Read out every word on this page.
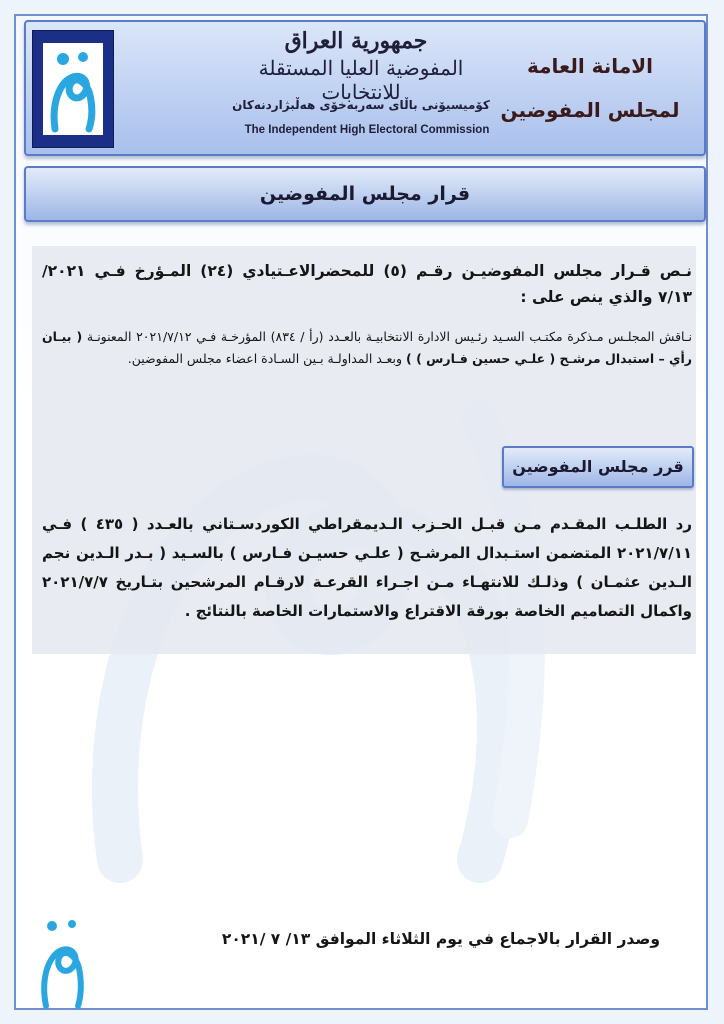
جمهورية العراق
المفوضية العليا المستقلة للانتخابات
كۆمیسیۆنی باڵای سەربەخۆی هەڵبژاردنەكان
The Independent High Electoral Commission
الامانة العامة
لمجلس المفوضين
قرار مجلس المفوضين
نـص قـرار مجلس المفوضيـن رقـم (٥) للمحضرالاعـتيادي (٢٤) المـؤرخ فـي ٢٠٢١/ ٧/١٣ والذي ينص على :
نـاقش المجلـس مـذكرة مكتـب السـيد رئـيس الادارة الانتخابيـة بالعـدد (رأ / ٨٣٤) المؤرخـة فـي ٢٠٢١/٧/١٢ المعنونـة ( بيـان رأي – استبدال مرشـح ( علـي حسين فـارس ) ) وبعـد المداولـة بـين السـادة اعضاء مجلس المفوضين.
قرر مجلس المفوضين
رد الطلـب المقـدم مـن قبـل الحـزب الـديمقراطي الكوردسـتاني بالعـدد ( ٤٣٥ ) فـي ٢٠٢١/٧/١١ المتضمن استـبدال المرشـح ( علـي حسيـن فـارس ) بالسـيد ( بـدر الـدين نجم الـدين عثمـان ) وذلـك للانتهـاء مـن اجـراء القرعـة لارقـام المرشحين بتـاريخ ٢٠٢١/٧/٧ واكمال التصاميم الخاصة بورقة الاقتراع والاستمارات الخاصة بالنتائج .
وصدر القرار بالاجماع في يوم الثلاثاء الموافق ١٣/ ٧ /٢٠٢١
